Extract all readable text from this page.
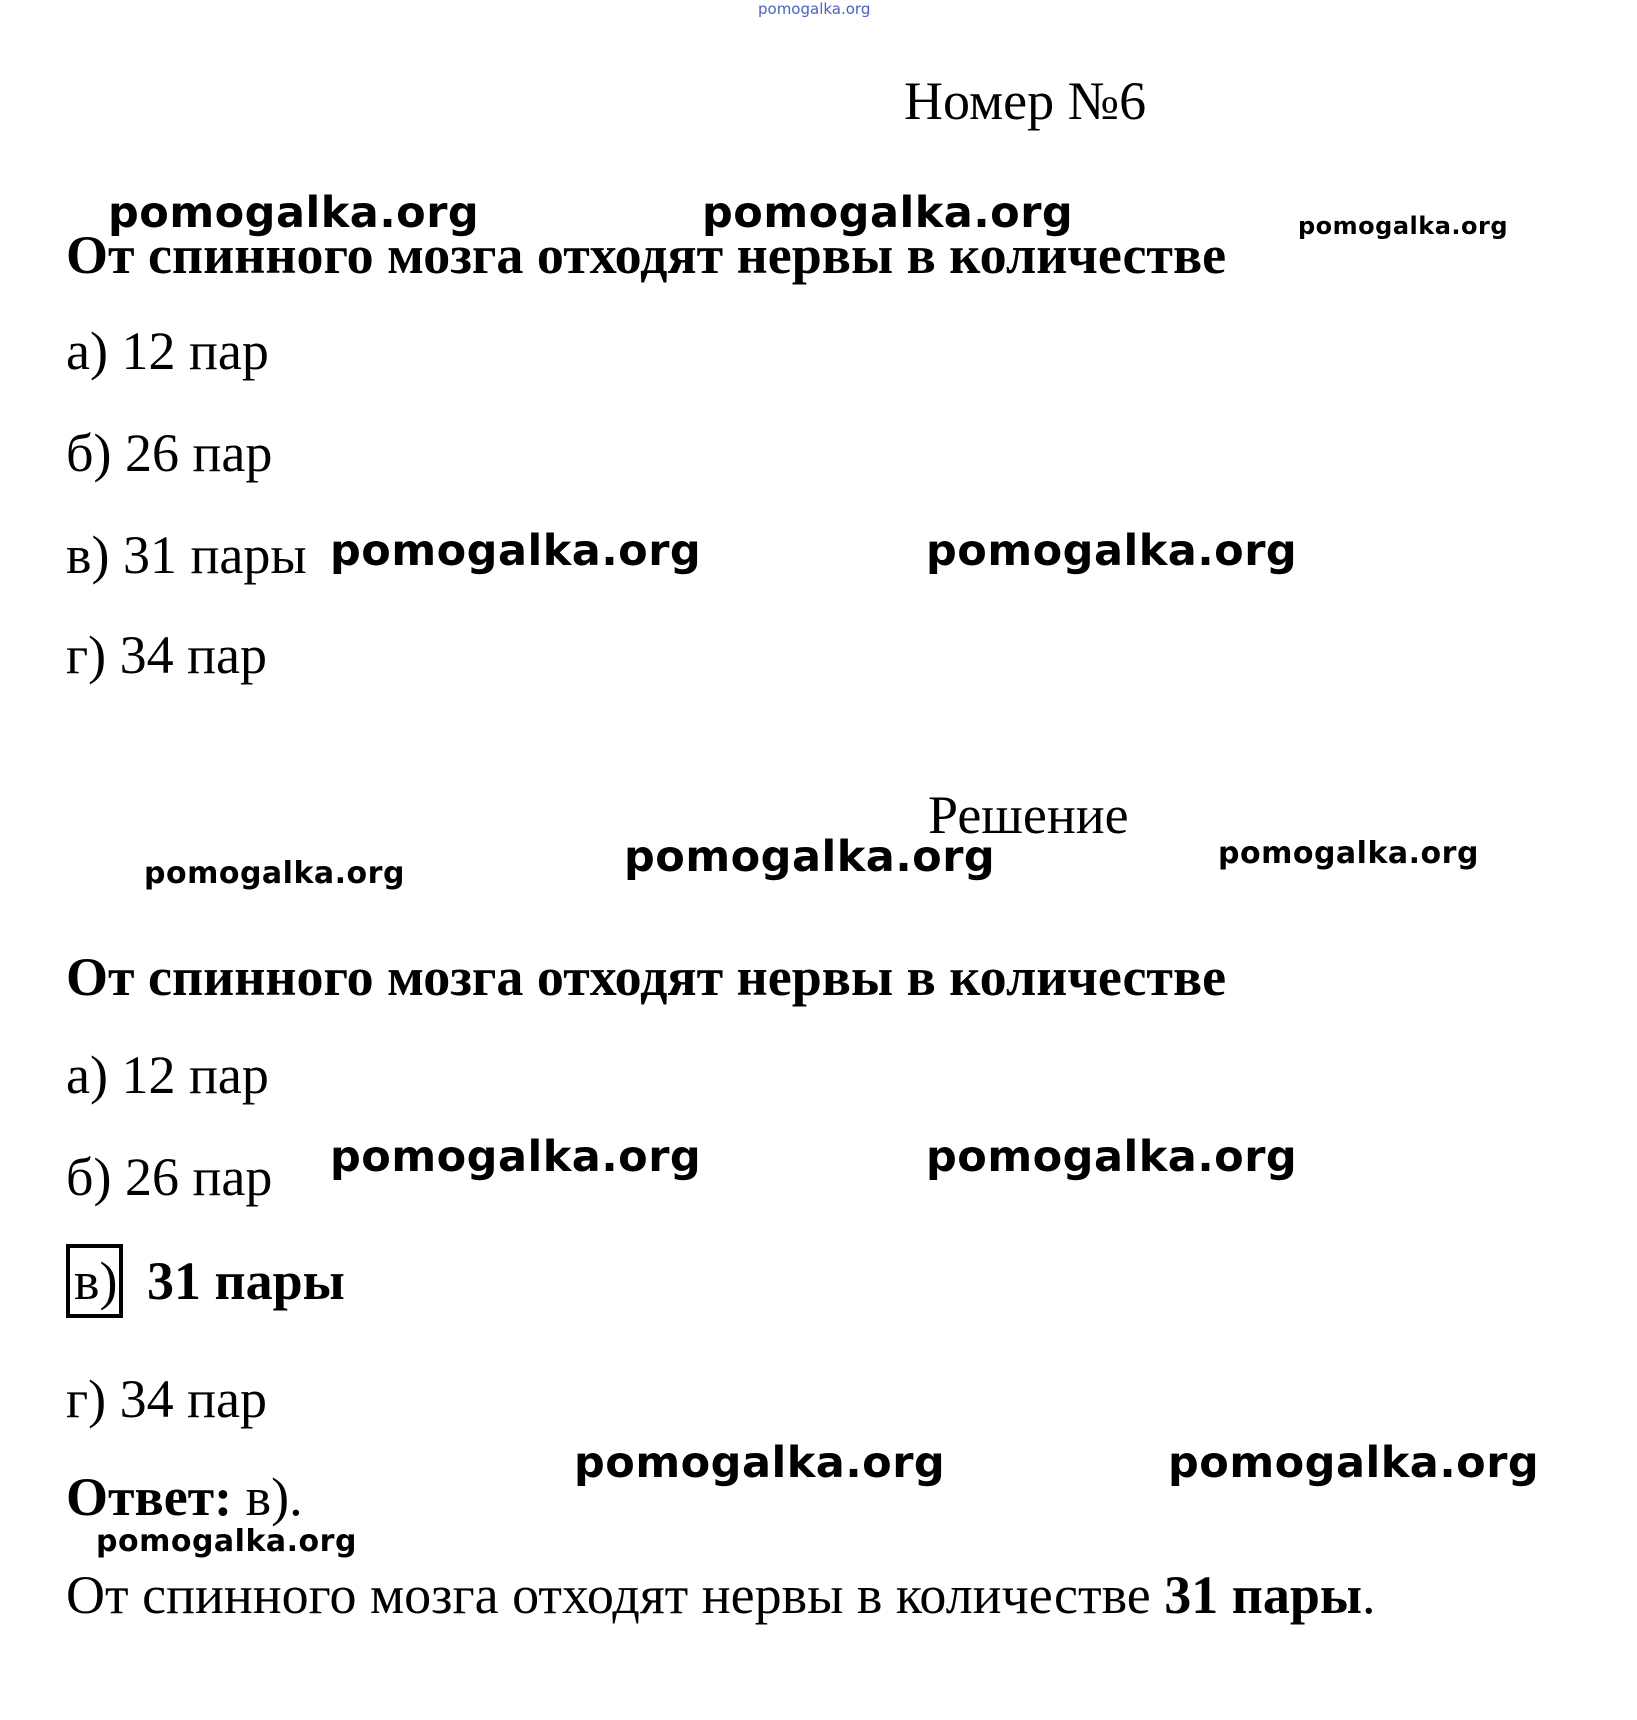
pomogalka.org
Номер №6
pomogalka.org	pomogalka.org	pomogalka.org
От спинного мозга отходят нервы в количестве
а) 12 пар
б) 26 пар
в) 31 пары pomogalka.org	pomogalka.org
г) 34 пар
Решение
pomogalka.org	pomogalka.org	pomogalka.org
От спинного мозга отходят нервы в количестве
а) 12 пар
б) 26 пар pomogalka.org	pomogalka.org
в) 31 пары
г) 34 пар
pomogalka.org	pomogalka.org
Ответ: в).
pomogalka.org
От спинного мозга отходят нервы в количестве 31 пары.
